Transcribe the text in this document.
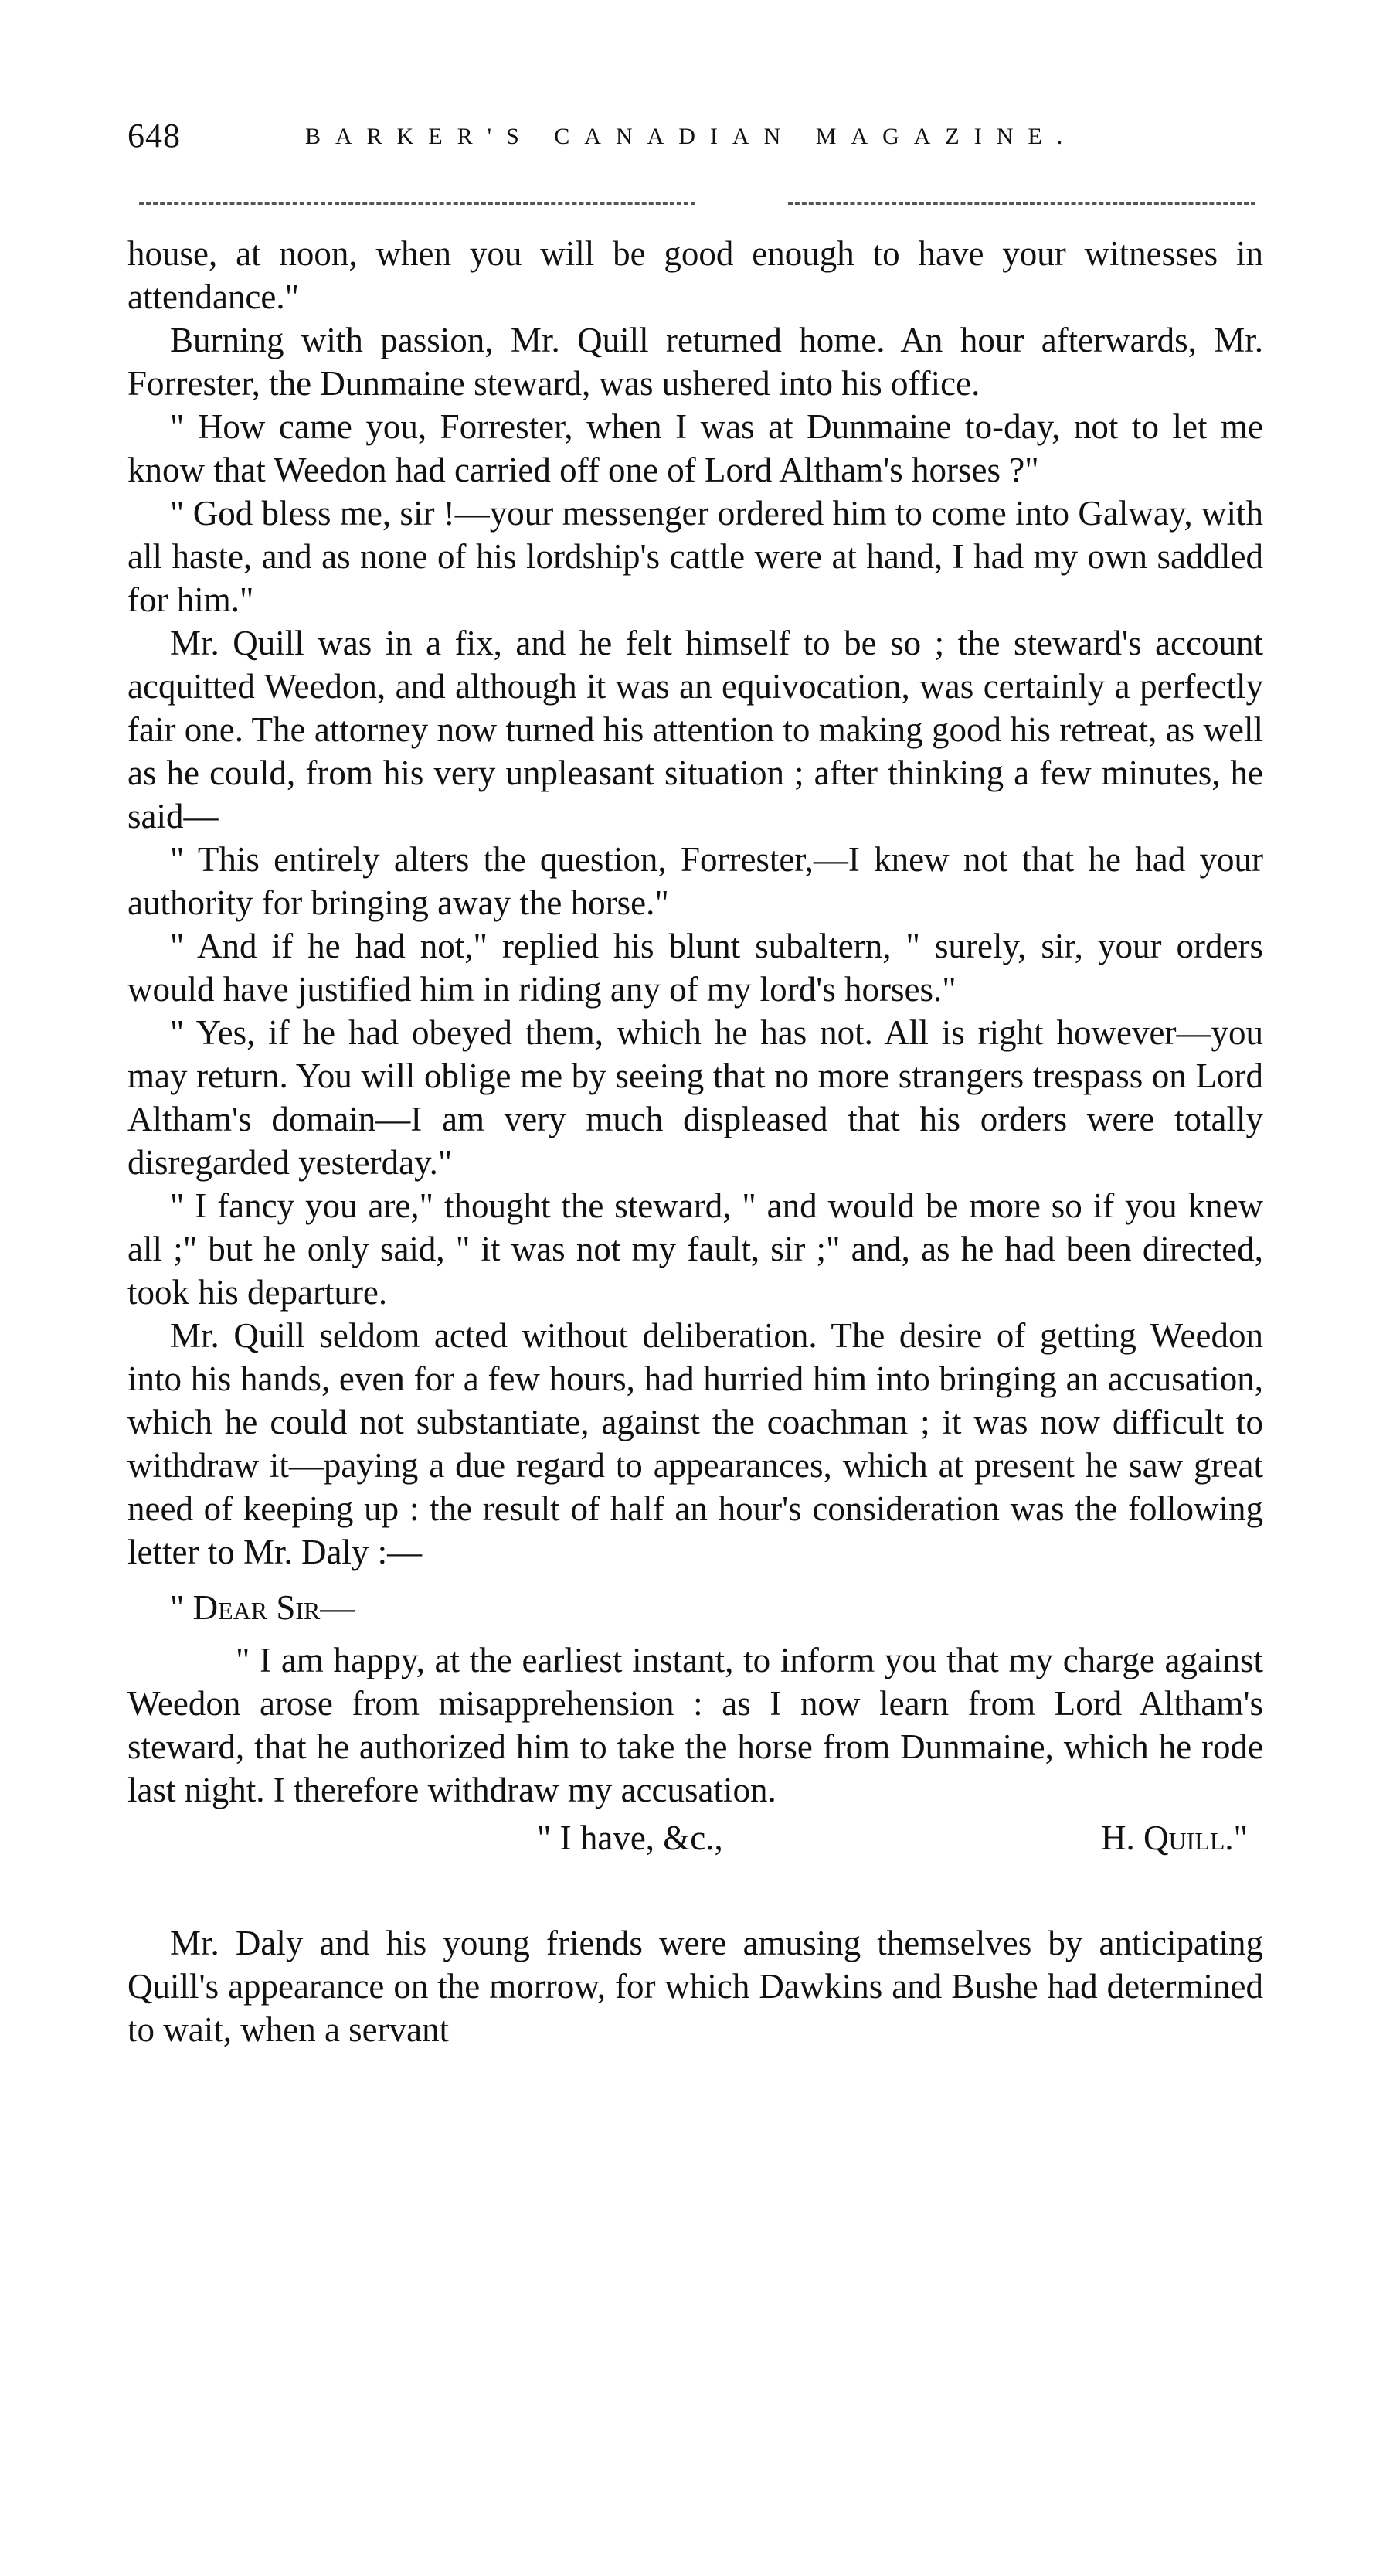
648	BARKER'S CANADIAN MAGAZINE.

house, at noon, when you will be good enough to have your witnesses in attendance."

Burning with passion, Mr. Quill returned home. An hour afterwards, Mr. Forrester, the Dunmaine steward, was ushered into his office.

" How came you, Forrester, when I was at Dunmaine to-day, not to let me know that Weedon had carried off one of Lord Altham's horses ?"

" God bless me, sir !—your messenger ordered him to come into Galway, with all haste, and as none of his lordship's cattle were at hand, I had my own saddled for him."

Mr. Quill was in a fix, and he felt himself to be so ; the steward's account acquitted Weedon, and although it was an equivocation, was certainly a perfectly fair one. The attorney now turned his attention to making good his retreat, as well as he could, from his very unpleasant situation ; after thinking a few minutes, he said—

" This entirely alters the question, Forrester,—I knew not that he had your authority for bringing away the horse."

" And if he had not," replied his blunt subaltern, " surely, sir, your orders would have justified him in riding any of my lord's horses."

" Yes, if he had obeyed them, which he has not. All is right however—you may return. You will oblige me by seeing that no more strangers trespass on Lord Altham's domain—I am very much displeased that his orders were totally disregarded yesterday."

" I fancy you are," thought the steward, " and would be more so if you knew all ;" but he only said, " it was not my fault, sir ;" and, as he had been directed, took his departure.

Mr. Quill seldom acted without deliberation. The desire of getting Weedon into his hands, even for a few hours, had hurried him into bringing an accusation, which he could not substantiate, against the coachman ; it was now difficult to withdraw it—paying a due regard to appearances, which at present he saw great need of keeping up : the result of half an hour's consideration was the following letter to Mr. Daly :—

" Dear Sir—

" I am happy, at the earliest instant, to inform you that my charge against Weedon arose from misapprehension : as I now learn from Lord Altham's steward, that he authorized him to take the horse from Dunmaine, which he rode last night. I therefore withdraw my accusation.

" I have, &c.,	H. Quill."

Mr. Daly and his young friends were amusing themselves by anticipating Quill's appearance on the morrow, for which Dawkins and Bushe had determined to wait, when a servant
